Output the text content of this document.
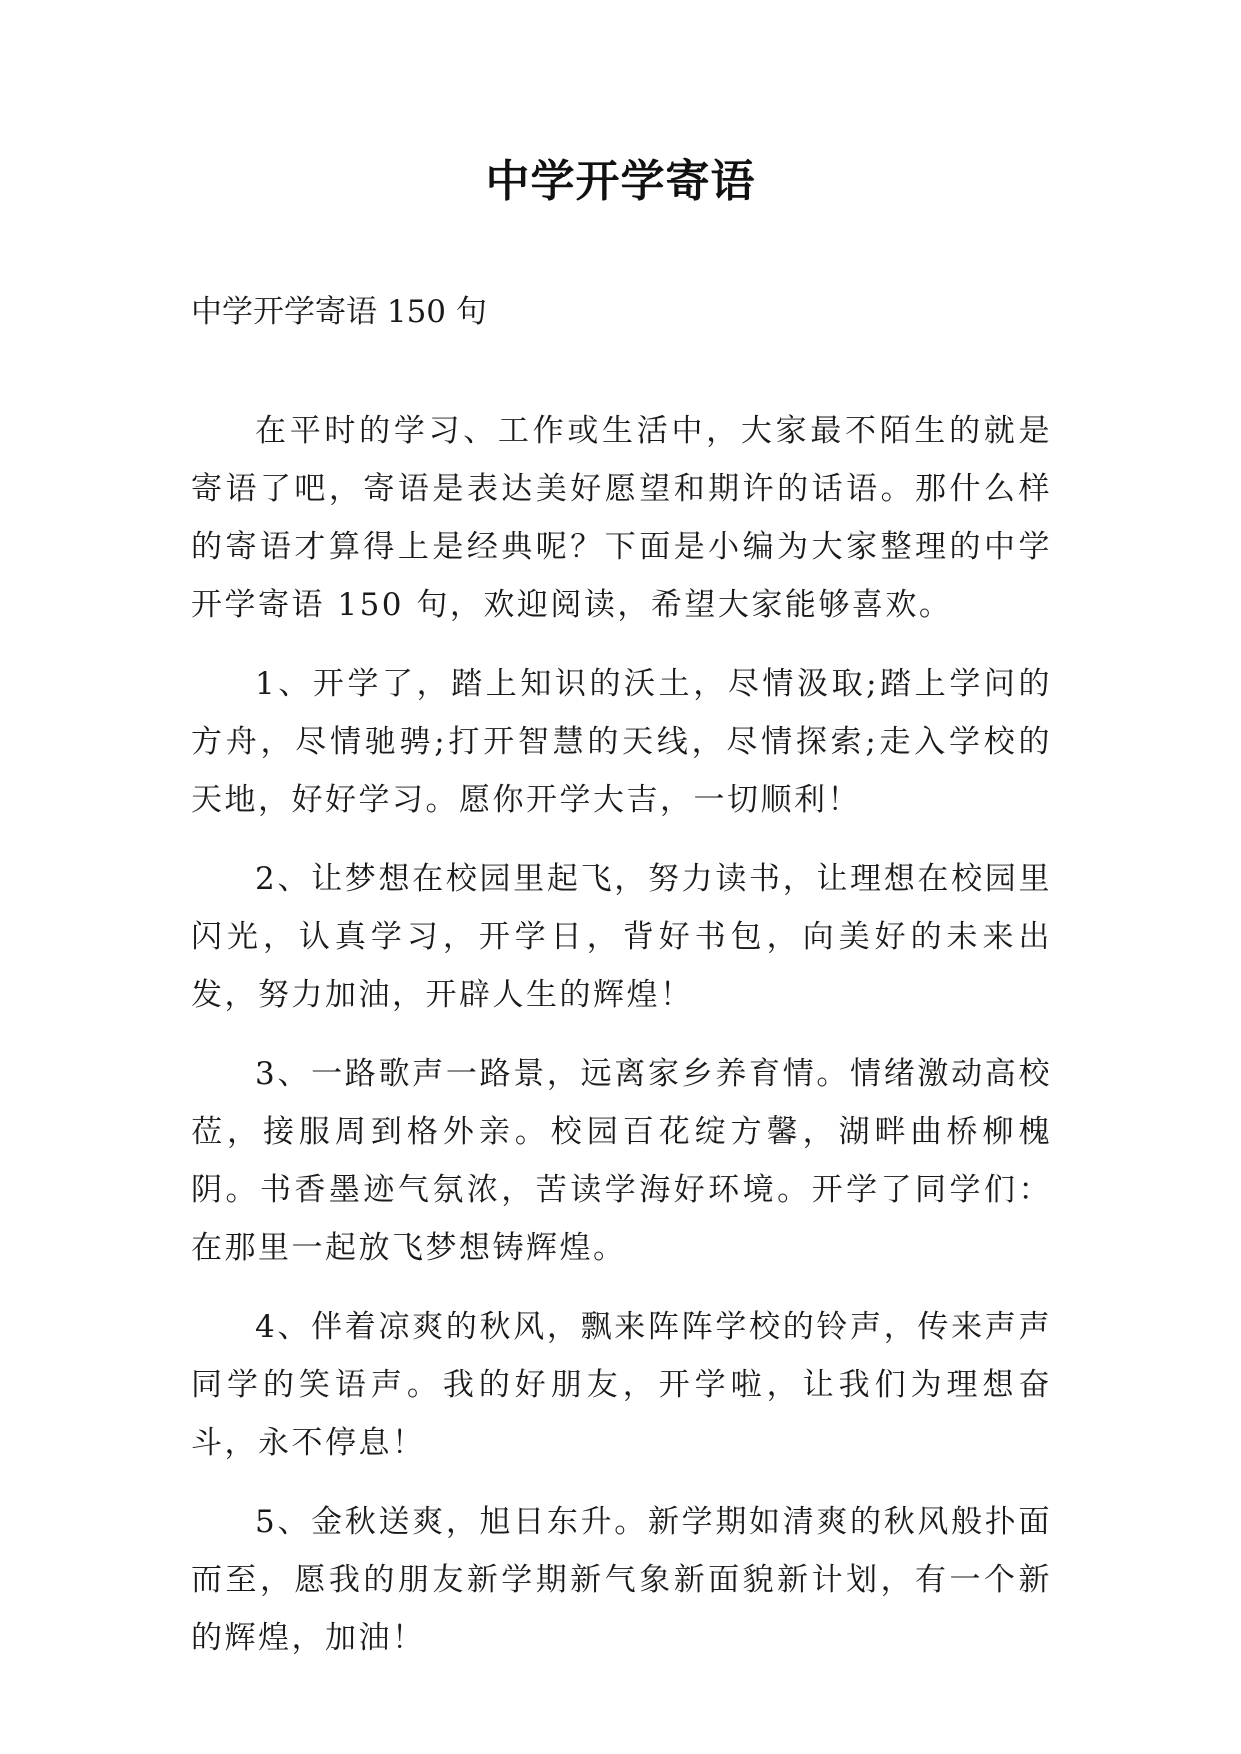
中学开学寄语
中学开学寄语 150 句

在平时的学习、工作或生活中，大家最不陌生的就是寄语了吧，寄语是表达美好愿望和期许的话语。那什么样的寄语才算得上是经典呢？下面是小编为大家整理的中学开学寄语 150 句，欢迎阅读，希望大家能够喜欢。

1、开学了，踏上知识的沃土，尽情汲取;踏上学问的方舟，尽情驰骋;打开智慧的天线，尽情探索;走入学校的天地，好好学习。愿你开学大吉，一切顺利！

2、让梦想在校园里起飞，努力读书，让理想在校园里闪光，认真学习，开学日，背好书包，向美好的未来出发，努力加油，开辟人生的辉煌！

3、一路歌声一路景，远离家乡养育情。情绪激动高校莅，接服周到格外亲。校园百花绽方馨，湖畔曲桥柳槐阴。书香墨迹气氛浓，苦读学海好环境。开学了同学们：在那里一起放飞梦想铸辉煌。

4、伴着凉爽的秋风，飘来阵阵学校的铃声，传来声声同学的笑语声。我的好朋友，开学啦，让我们为理想奋斗，永不停息！

5、金秋送爽，旭日东升。新学期如清爽的秋风般扑面而至，愿我的朋友新学期新气象新面貌新计划，有一个新的辉煌，加油！
